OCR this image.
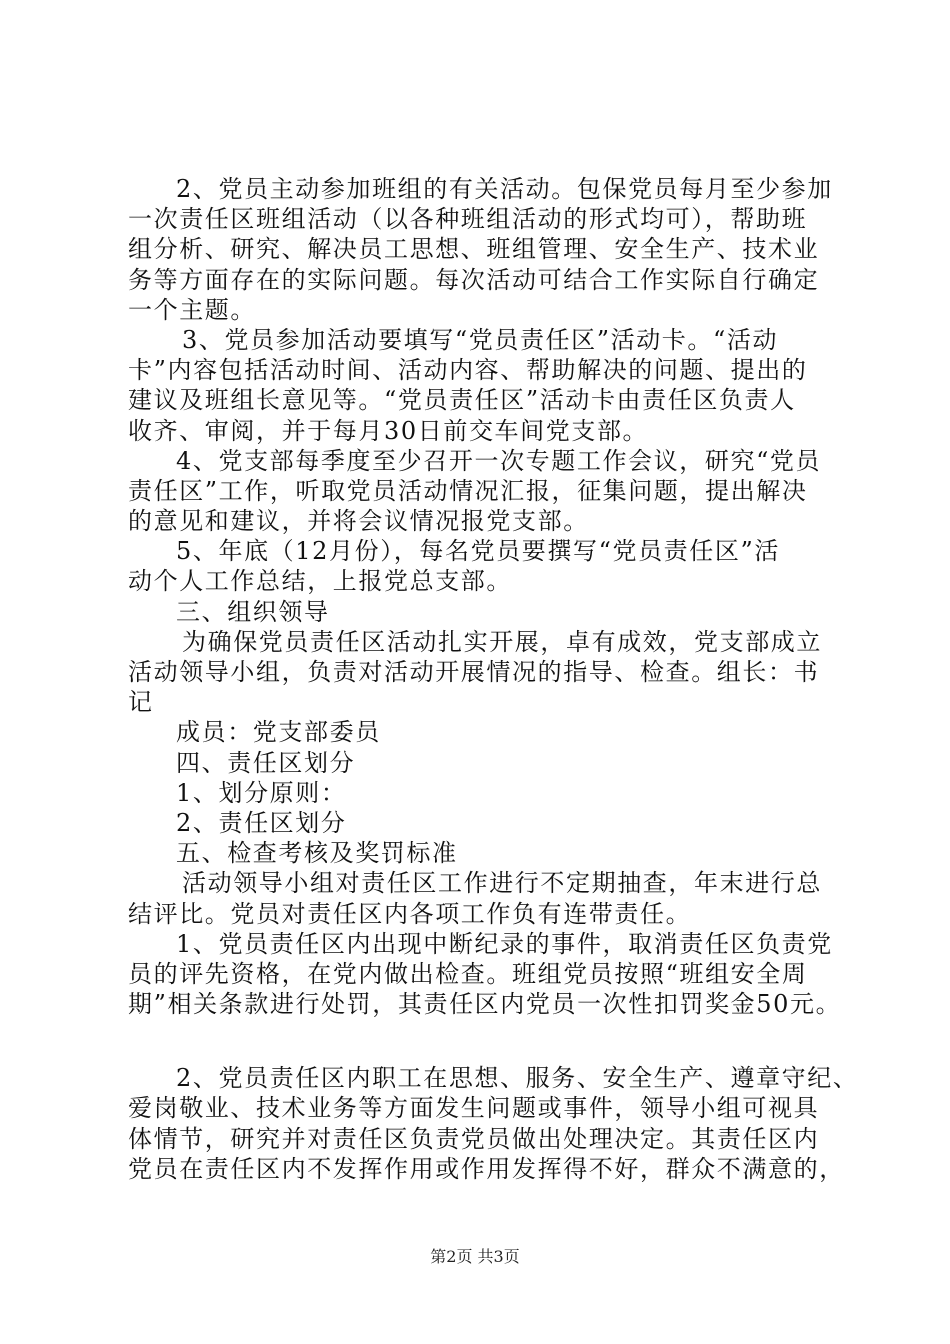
2、党员主动参加班组的有关活动。包保党员每月至少参加
一次责任区班组活动（以各种班组活动的形式均可），帮助班
组分析、研究、解决员工思想、班组管理、安全生产、技术业
务等方面存在的实际问题。每次活动可结合工作实际自行确定
一个主题。
3、党员参加活动要填写“党员责任区”活动卡。“活动
卡”内容包括活动时间、活动内容、帮助解决的问题、提出的
建议及班组长意见等。“党员责任区”活动卡由责任区负责人
收齐、审阅，并于每月30日前交车间党支部。
4、党支部每季度至少召开一次专题工作会议，研究“党员
责任区”工作，听取党员活动情况汇报，征集问题，提出解决
的意见和建议，并将会议情况报党支部。
5、年底（12月份），每名党员要撰写“党员责任区”活
动个人工作总结，上报党总支部。
三、组织领导
为确保党员责任区活动扎实开展，卓有成效，党支部成立
活动领导小组，负责对活动开展情况的指导、检查。组长：书
记
成员：党支部委员
四、责任区划分
1、划分原则：
2、责任区划分
五、检查考核及奖罚标准
活动领导小组对责任区工作进行不定期抽查，年末进行总
结评比。党员对责任区内各项工作负有连带责任。
1、党员责任区内出现中断纪录的事件，取消责任区负责党
员的评先资格，在党内做出检查。班组党员按照“班组安全周
期”相关条款进行处罚，其责任区内党员一次性扣罚奖金50元。
2、党员责任区内职工在思想、服务、安全生产、遵章守纪、
爱岗敬业、技术业务等方面发生问题或事件，领导小组可视具
体情节，研究并对责任区负责党员做出处理决定。其责任区内
党员在责任区内不发挥作用或作用发挥得不好，群众不满意的，
第2页 共3页
